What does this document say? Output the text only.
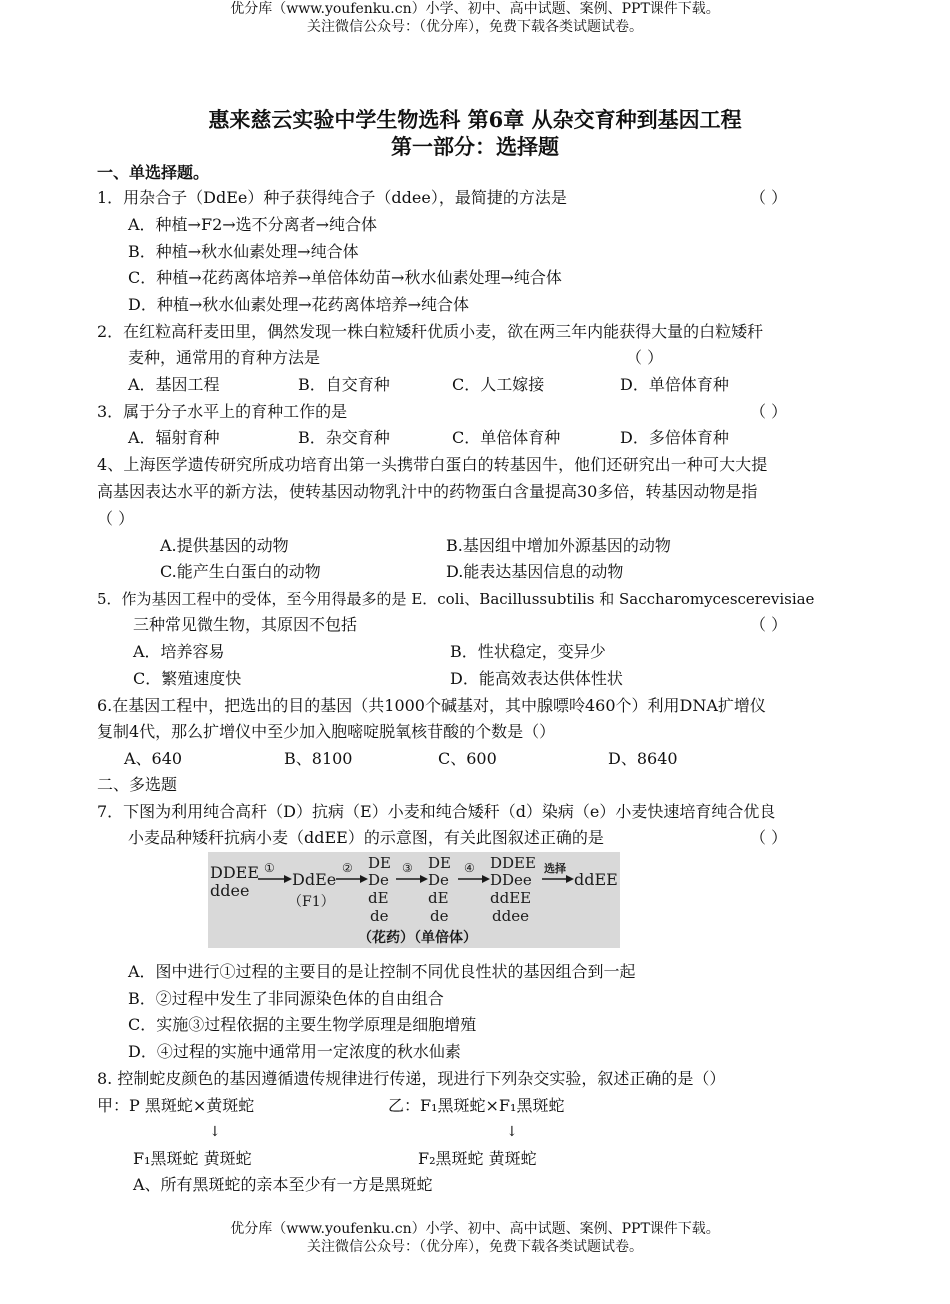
优分库（www.youfenku.cn）小学、初中、高中试题、案例、PPT课件下载。
关注微信公众号：（优分库），免费下载各类试题试卷。
惠来慈云实验中学生物选科 第6章 从杂交育种到基因工程
第一部分：选择题
一、单选择题。
1．用杂合子（DdEe）种子获得纯合子（ddee），最简捷的方法是	（ ）
A．种植→F2→选不分离者→纯合体
B．种植→秋水仙素处理→纯合体
C．种植→花药离体培养→单倍体幼苗→秋水仙素处理→纯合体
D．种植→秋水仙素处理→花药离体培养→纯合体
2．在红粒高秆麦田里，偶然发现一株白粒矮秆优质小麦，欲在两三年内能获得大量的白粒矮秆
麦种，通常用的育种方法是	（ ）
A．基因工程	B．自交育种	C．人工嫁接	D．单倍体育种
3．属于分子水平上的育种工作的是	（ ）
A．辐射育种	B．杂交育种	C．单倍体育种	D．多倍体育种
4、上海医学遗传研究所成功培育出第一头携带白蛋白的转基因牛，他们还研究出一种可大大提
高基因表达水平的新方法，使转基因动物乳汁中的药物蛋白含量提高30多倍，转基因动物是指
（ ）
A.提供基因的动物	B.基因组中增加外源基因的动物
C.能产生白蛋白的动物	D.能表达基因信息的动物
5．作为基因工程中的受体，至今用得最多的是 E．coli、Bacillussubtilis 和 Saccharomycescerevisiae
三种常见微生物，其原因不包括	（ ）
A．培养容易	B．性状稳定，变异少
C．繁殖速度快	D．能高效表达供体性状
6.在基因工程中，把选出的目的基因（共1000个碱基对，其中腺嘌呤460个）利用DNA扩增仪
复制4代，那么扩增仪中至少加入胞嘧啶脱氧核苷酸的个数是（）
A、640	B、8100	C、600	D、8640
二、多选题
7．下图为利用纯合高秆（D）抗病（E）小麦和纯合矮秆（d）染病（e）小麦快速培育纯合优良
小麦品种矮秆抗病小麦（ddEE）的示意图，有关此图叙述正确的是	（ ）
DDEE
ddee
①
DdEe
（F1）
② DE
De
dE
de
③ DE
De
dE
de
④ DDEE
DDee
ddEE
ddee
选择
ddEE
（花药）（单倍体）
A．图中进行①过程的主要目的是让控制不同优良性状的基因组合到一起
B．②过程中发生了非同源染色体的自由组合
C．实施③过程依据的主要生物学原理是细胞增殖
D．④过程的实施中通常用一定浓度的秋水仙素
8. 控制蛇皮颜色的基因遵循遗传规律进行传递，现进行下列杂交实验，叙述正确的是（）
甲：P 黑斑蛇×黄斑蛇	乙：F₁黑斑蛇×F₁黑斑蛇
↓	↓
F₁黑斑蛇 黄斑蛇	F₂黑斑蛇 黄斑蛇
A、所有黑斑蛇的亲本至少有一方是黑斑蛇
优分库（www.youfenku.cn）小学、初中、高中试题、案例、PPT课件下载。
关注微信公众号：（优分库），免费下载各类试题试卷。
